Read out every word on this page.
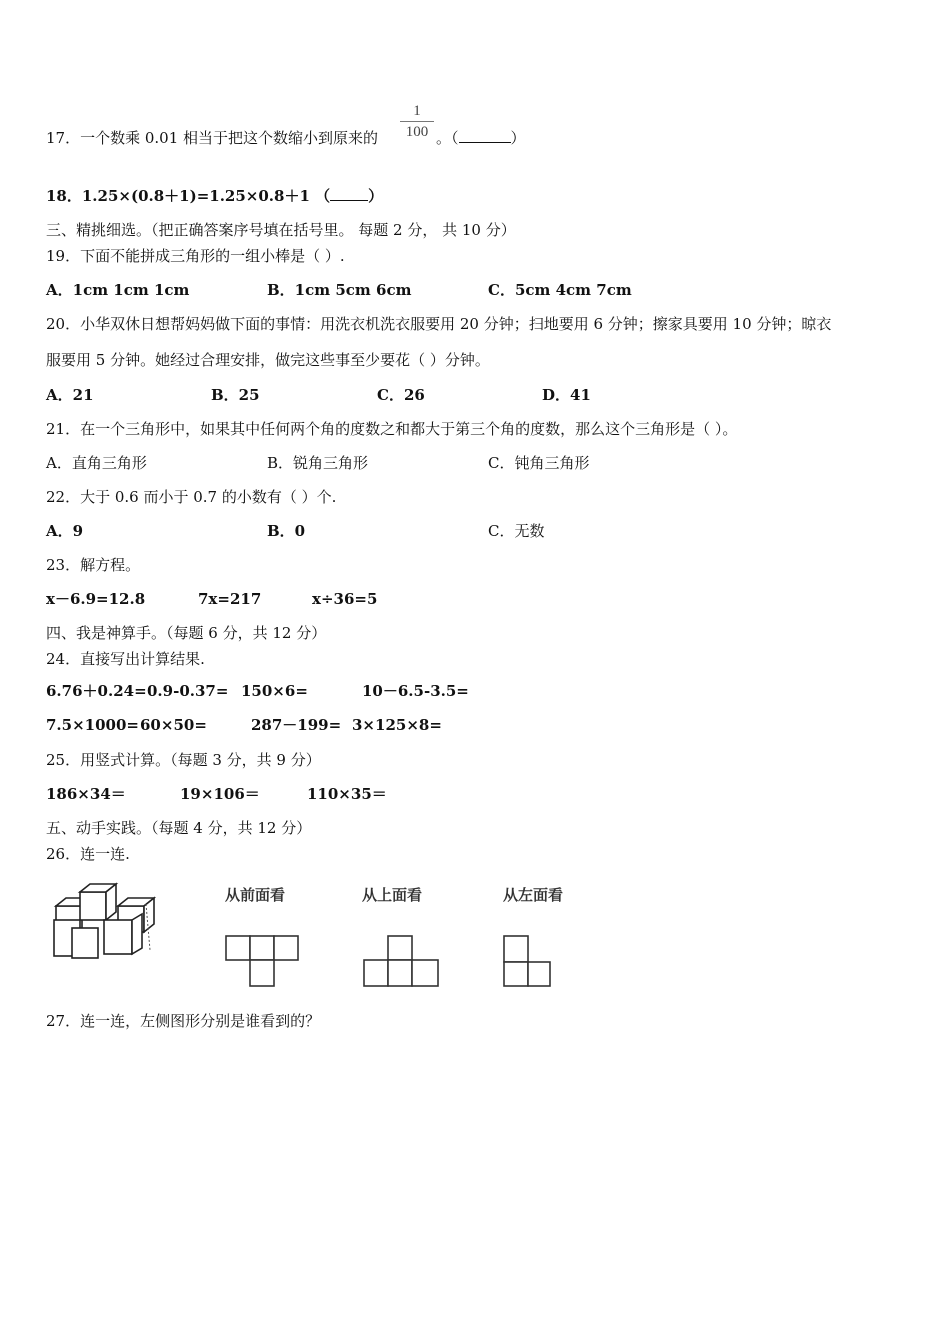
17．一个数乘 0.01 相当于把这个数缩小到原来的
1
100 。（	）
18．1.25×(0.8＋1)=1.25×0.8＋1 （	）
三、精挑细选。（把正确答案序号填在括号里。 每题 2 分， 共 10 分）
19．下面不能拼成三角形的一组小棒是（ ）.
A．1cm 1cm 1cm	B．1cm 5cm 6cm	C．5cm 4cm 7cm
20．小华双休日想帮妈妈做下面的事情：用洗衣机洗衣服要用 20 分钟；扫地要用 6 分钟；擦家具要用 10 分钟；晾衣
服要用 5 分钟。她经过合理安排，做完这些事至少要花（ ）分钟。
A．21	B．25	C．26	D．41
21．在一个三角形中，如果其中任何两个角的度数之和都大于第三个角的度数，那么这个三角形是（ ）。
A．直角三角形	B．锐角三角形	C．钝角三角形
22．大于 0.6 而小于 0.7 的小数有（ ）个.
A．9	B．0	C．无数
23．解方程。
x－6.9=12.8	7x=217	x÷36=5
四、我是神算手。（每题 6 分，共 12 分）
24．直接写出计算结果.
6.76＋0.24= 0.9-0.37= 150×6=	10－6.5-3.5=
7.5×1000= 60×50=	287－199= 3×125×8=
25．用竖式计算。（每题 3 分，共 9 分）
186×34＝	19×106＝	110×35＝
五、动手实践。（每题 4 分，共 12 分）
26．连一连.
从前面看	从上面看	从左面看
27．连一连，左侧图形分别是谁看到的？
